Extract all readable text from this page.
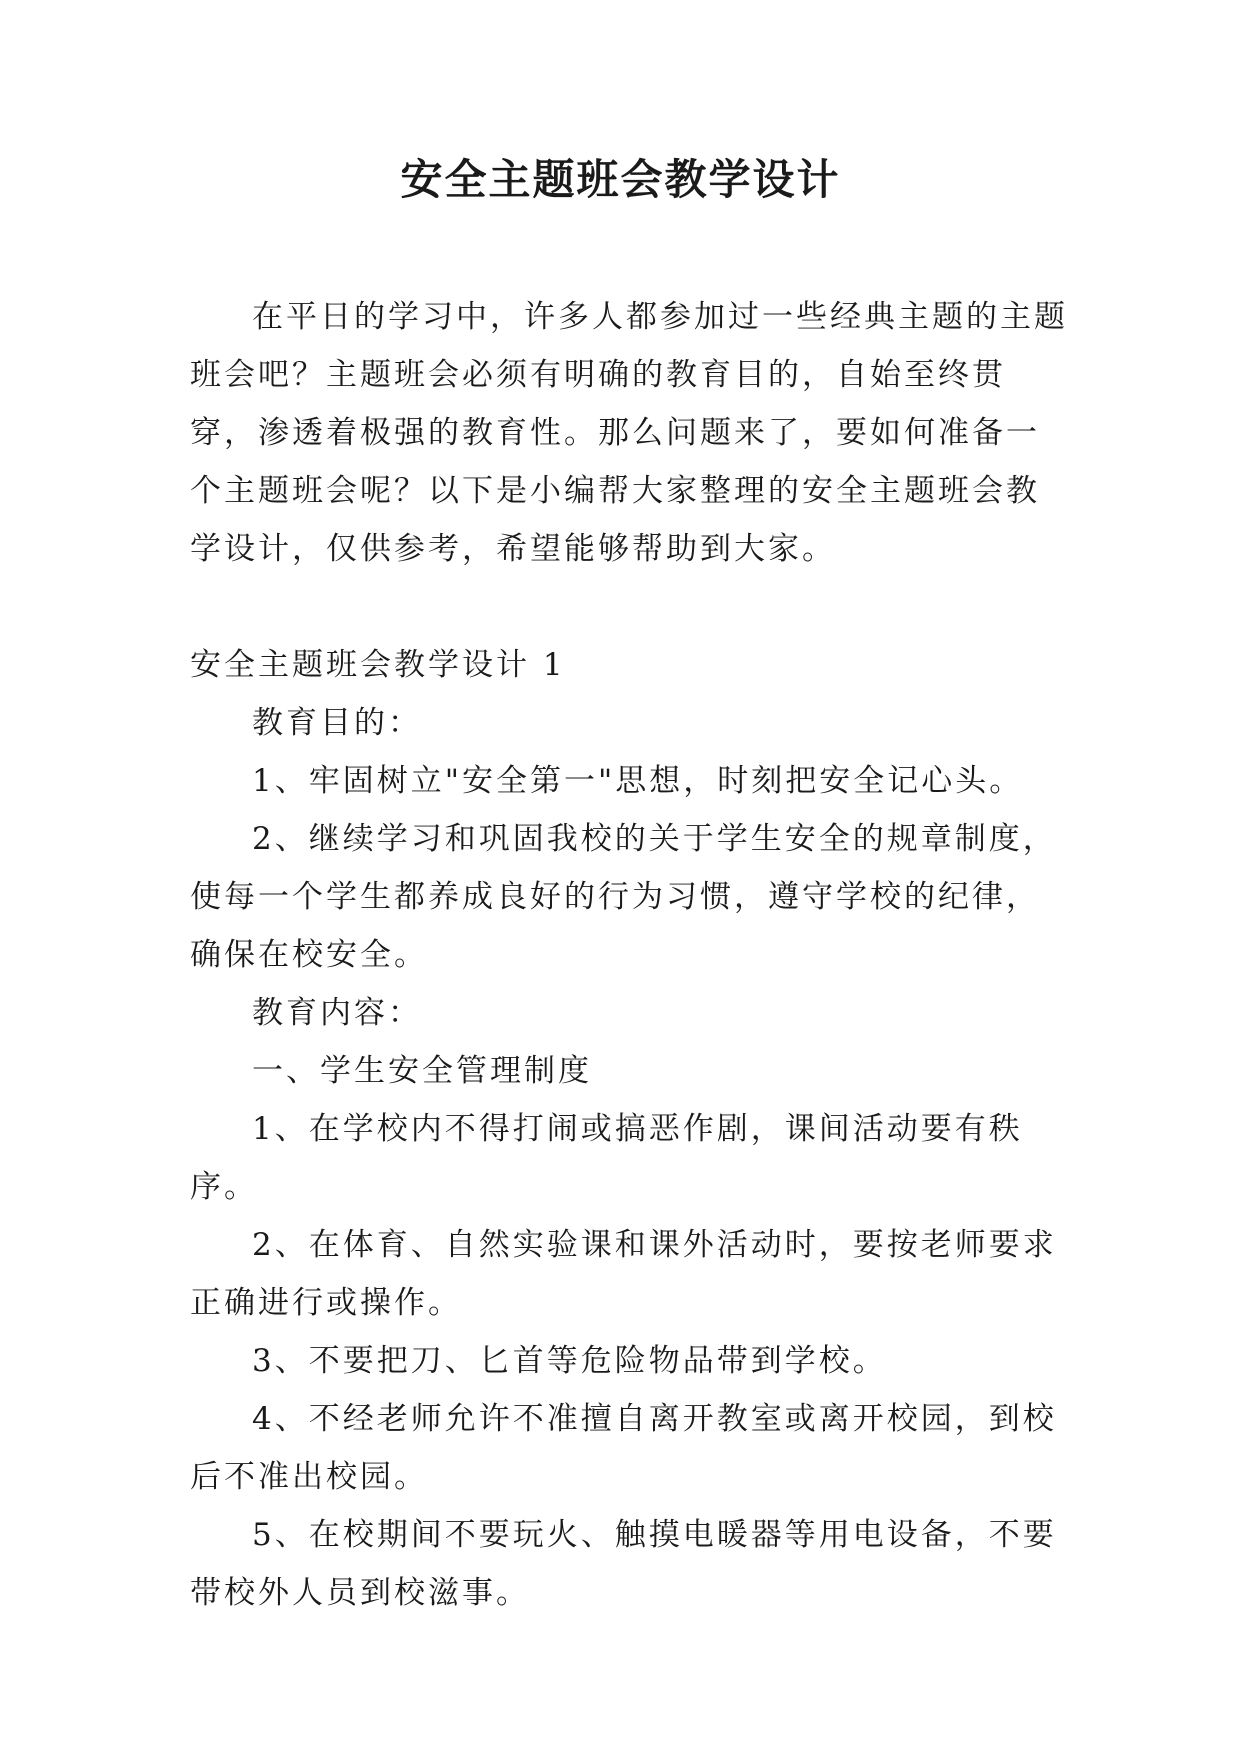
安全主题班会教学设计

在平日的学习中，许多人都参加过一些经典主题的主题班会吧？主题班会必须有明确的教育目的，自始至终贯穿，渗透着极强的教育性。那么问题来了，要如何准备一个主题班会呢？以下是小编帮大家整理的安全主题班会教学设计，仅供参考，希望能够帮助到大家。

安全主题班会教学设计 1

教育目的：

1、牢固树立"安全第一"思想，时刻把安全记心头。

2、继续学习和巩固我校的关于学生安全的规章制度，使每一个学生都养成良好的行为习惯，遵守学校的纪律，确保在校安全。

教育内容：

一、学生安全管理制度

1、在学校内不得打闹或搞恶作剧，课间活动要有秩序。

2、在体育、自然实验课和课外活动时，要按老师要求正确进行或操作。

3、不要把刀、匕首等危险物品带到学校。

4、不经老师允许不准擅自离开教室或离开校园，到校后不准出校园。

5、在校期间不要玩火、触摸电暖器等用电设备，不要带校外人员到校滋事。
